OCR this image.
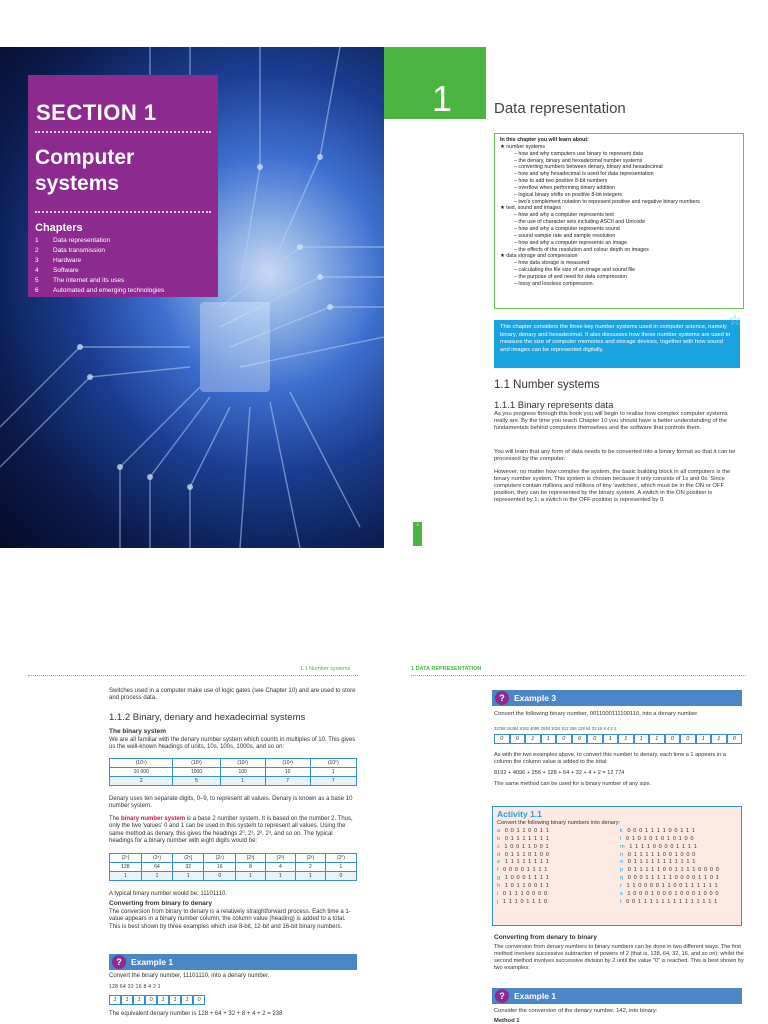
SECTION 1
Computer
systems
Chapters
1	Data representation
2	Data transmission
3	Hardware
4	Software
5	The internet and its uses
6	Automated and emerging technologies
1	Data representation
In this chapter you will learn about:
★ number systems
– how and why computers use binary to represent data
– the denary, binary and hexadecimal number systems
– converting numbers between denary, binary and hexadecimal
– how and why hexadecimal is used for data representation
– how to add two positive 8-bit numbers
– overflow when performing binary addition
– logical binary shifts on positive 8-bit integers
– two's complement notation to represent positive and negative binary numbers
★ text, sound and images
– how and why a computer represents text
– the use of character sets including ASCII and Unicode
– how and why a computer represents sound
– sound sample rate and sample resolution
– how and why a computer represents an image
– the effects of the resolution and colour depth on images
★ data storage and compression
– how data storage is measured
– calculating the file size of an image and sound file
– the purpose of and need for data compression
– lossy and lossless compression.
This chapter considers the three key number systems used in computer science, namely binary, denary and hexadecimal. It also discusses how these number systems are used to measure the size of computer memories and storage devices, together with how sound and images can be represented digitally.
☆
1.1 Number systems
1.1.1 Binary represents data
As you progress through this book you will begin to realise how complex computer systems really are. By the time you reach Chapter 10 you should have a better understanding of the fundamentals behind computers themselves and the software that controls them.
You will learn that any form of data needs to be converted into a binary format so that it can be processed by the computer.
However, no matter how complex the system, the basic building block in all computers is the binary number system. This system is chosen because it only consists of 1s and 0s. Since computers contain millions and millions of tiny 'switches', which must be in the ON or OFF position, they can be represented by the binary system. A switch in the ON position is represented by 1; a switch in the OFF position is represented by 0.
3
1.1 Number systems	1 DATA REPRESENTATION
Switches used in a computer make use of logic gates (see Chapter 10) and are used to store and process data.
1.1.2 Binary, denary and hexadecimal systems
The binary system
We are all familiar with the denary number system which counts in multiples of 10. This gives us the well-known headings of units, 10s, 100s, 1000s, and so on:
(10⁴)	(10³)	(10²)	(10¹)	(10⁰)
10 000	1000	100	10	1
2	5	1	7	7
Denary uses ten separate digits, 0–9, to represent all values. Denary is known as a base 10 number system.
The binary number system is a base 2 number system. It is based on the number 2. Thus, only the two 'values' 0 and 1 can be used in this system to represent all values. Using the same method as denary, this gives the headings 2⁰, 2¹, 2², 2³, and so on. The typical headings for a binary number with eight digits would be:
(2⁷)	(2⁶)	(2⁵)	(2⁴)	(2³)	(2²)	(2¹)	(2⁰)
128	64	32	16	8	4	2	1
1	1	1	0	1	1	1	0
A typical binary number would be: 11101110.
Converting from binary to denary
The conversion from binary to denary is a relatively straightforward process. Each time a 1-value appears in a binary number column, the column value (heading) is added to a total. This is best shown by three examples which use 8-bit, 12-bit and 16-bit binary numbers.
?	Example 1
Convert the binary number, 11101110, into a denary number.
128 64 32 16 8 4 2 1
1	1	1	0	1	1	1	0
The equivalent denary number is 128 + 64 + 32 + 8 + 4 + 2 = 238
?	Example 3
Convert the following binary number, 0011000111100110, into a denary number.
32768 16384 8192 4096 2048 1024 512 256 128 64 32 16 8 4 2 1
0	0	1	1	0	0	0	1	1	1	1	0	0	1	1	0
As with the two examples above, to convert this number to denary, each time a 1 appears in a column the column value is added to the total:
8192 + 4096 + 256 + 128 + 64 + 32 + 4 + 2 = 12 774
The same method can be used for a binary number of any size.
Activity 1.1
Convert the following binary numbers into denary:
a 0 0 1 1 0 0 1 1
b 0 1 1 1 1 1 1 1
c 1 0 0 1 1 0 0 1
d 0 1 1 1 0 1 0 0
e 1 1 1 1 1 1 1 1
f 0 0 0 0 1 1 1 1
g 1 0 0 0 1 1 1 1
h 1 0 1 1 0 0 1 1
i 0 1 1 1 0 0 0 0
j 1 1 1 0 1 1 1 0
k 0 0 0 1 1 1 1 0 0 1 1 1
l 0 1 0 1 0 1 0 1 0 1 0 0
m 1 1 1 1 0 0 0 0 1 1 1 1
n 0 1 1 1 1 1 0 0 1 0 0 0
o 0 1 1 1 1 1 1 1 1 1 1 1
p 0 1 1 1 1 1 0 0 1 1 1 1 0 0 0 0
q 0 0 0 1 1 1 1 1 0 0 0 0 1 1 0 1
r 1 1 0 0 0 0 1 1 0 0 1 1 1 1 1 1
s 1 0 0 0 1 0 0 0 1 0 0 0 1 0 0 0
t 0 0 1 1 1 1 1 1 1 1 1 1 1 1 1 1
Converting from denary to binary
The conversion from denary numbers to binary numbers can be done in two different ways. The first method involves successive subtraction of powers of 2 (that is, 128, 64, 32, 16, and so on); whilst the second method involves successive division by 2 until the value "0" is reached. This is best shown by two examples:
?	Example 1
Consider the conversion of the denary number, 142, into binary:
Method 1
